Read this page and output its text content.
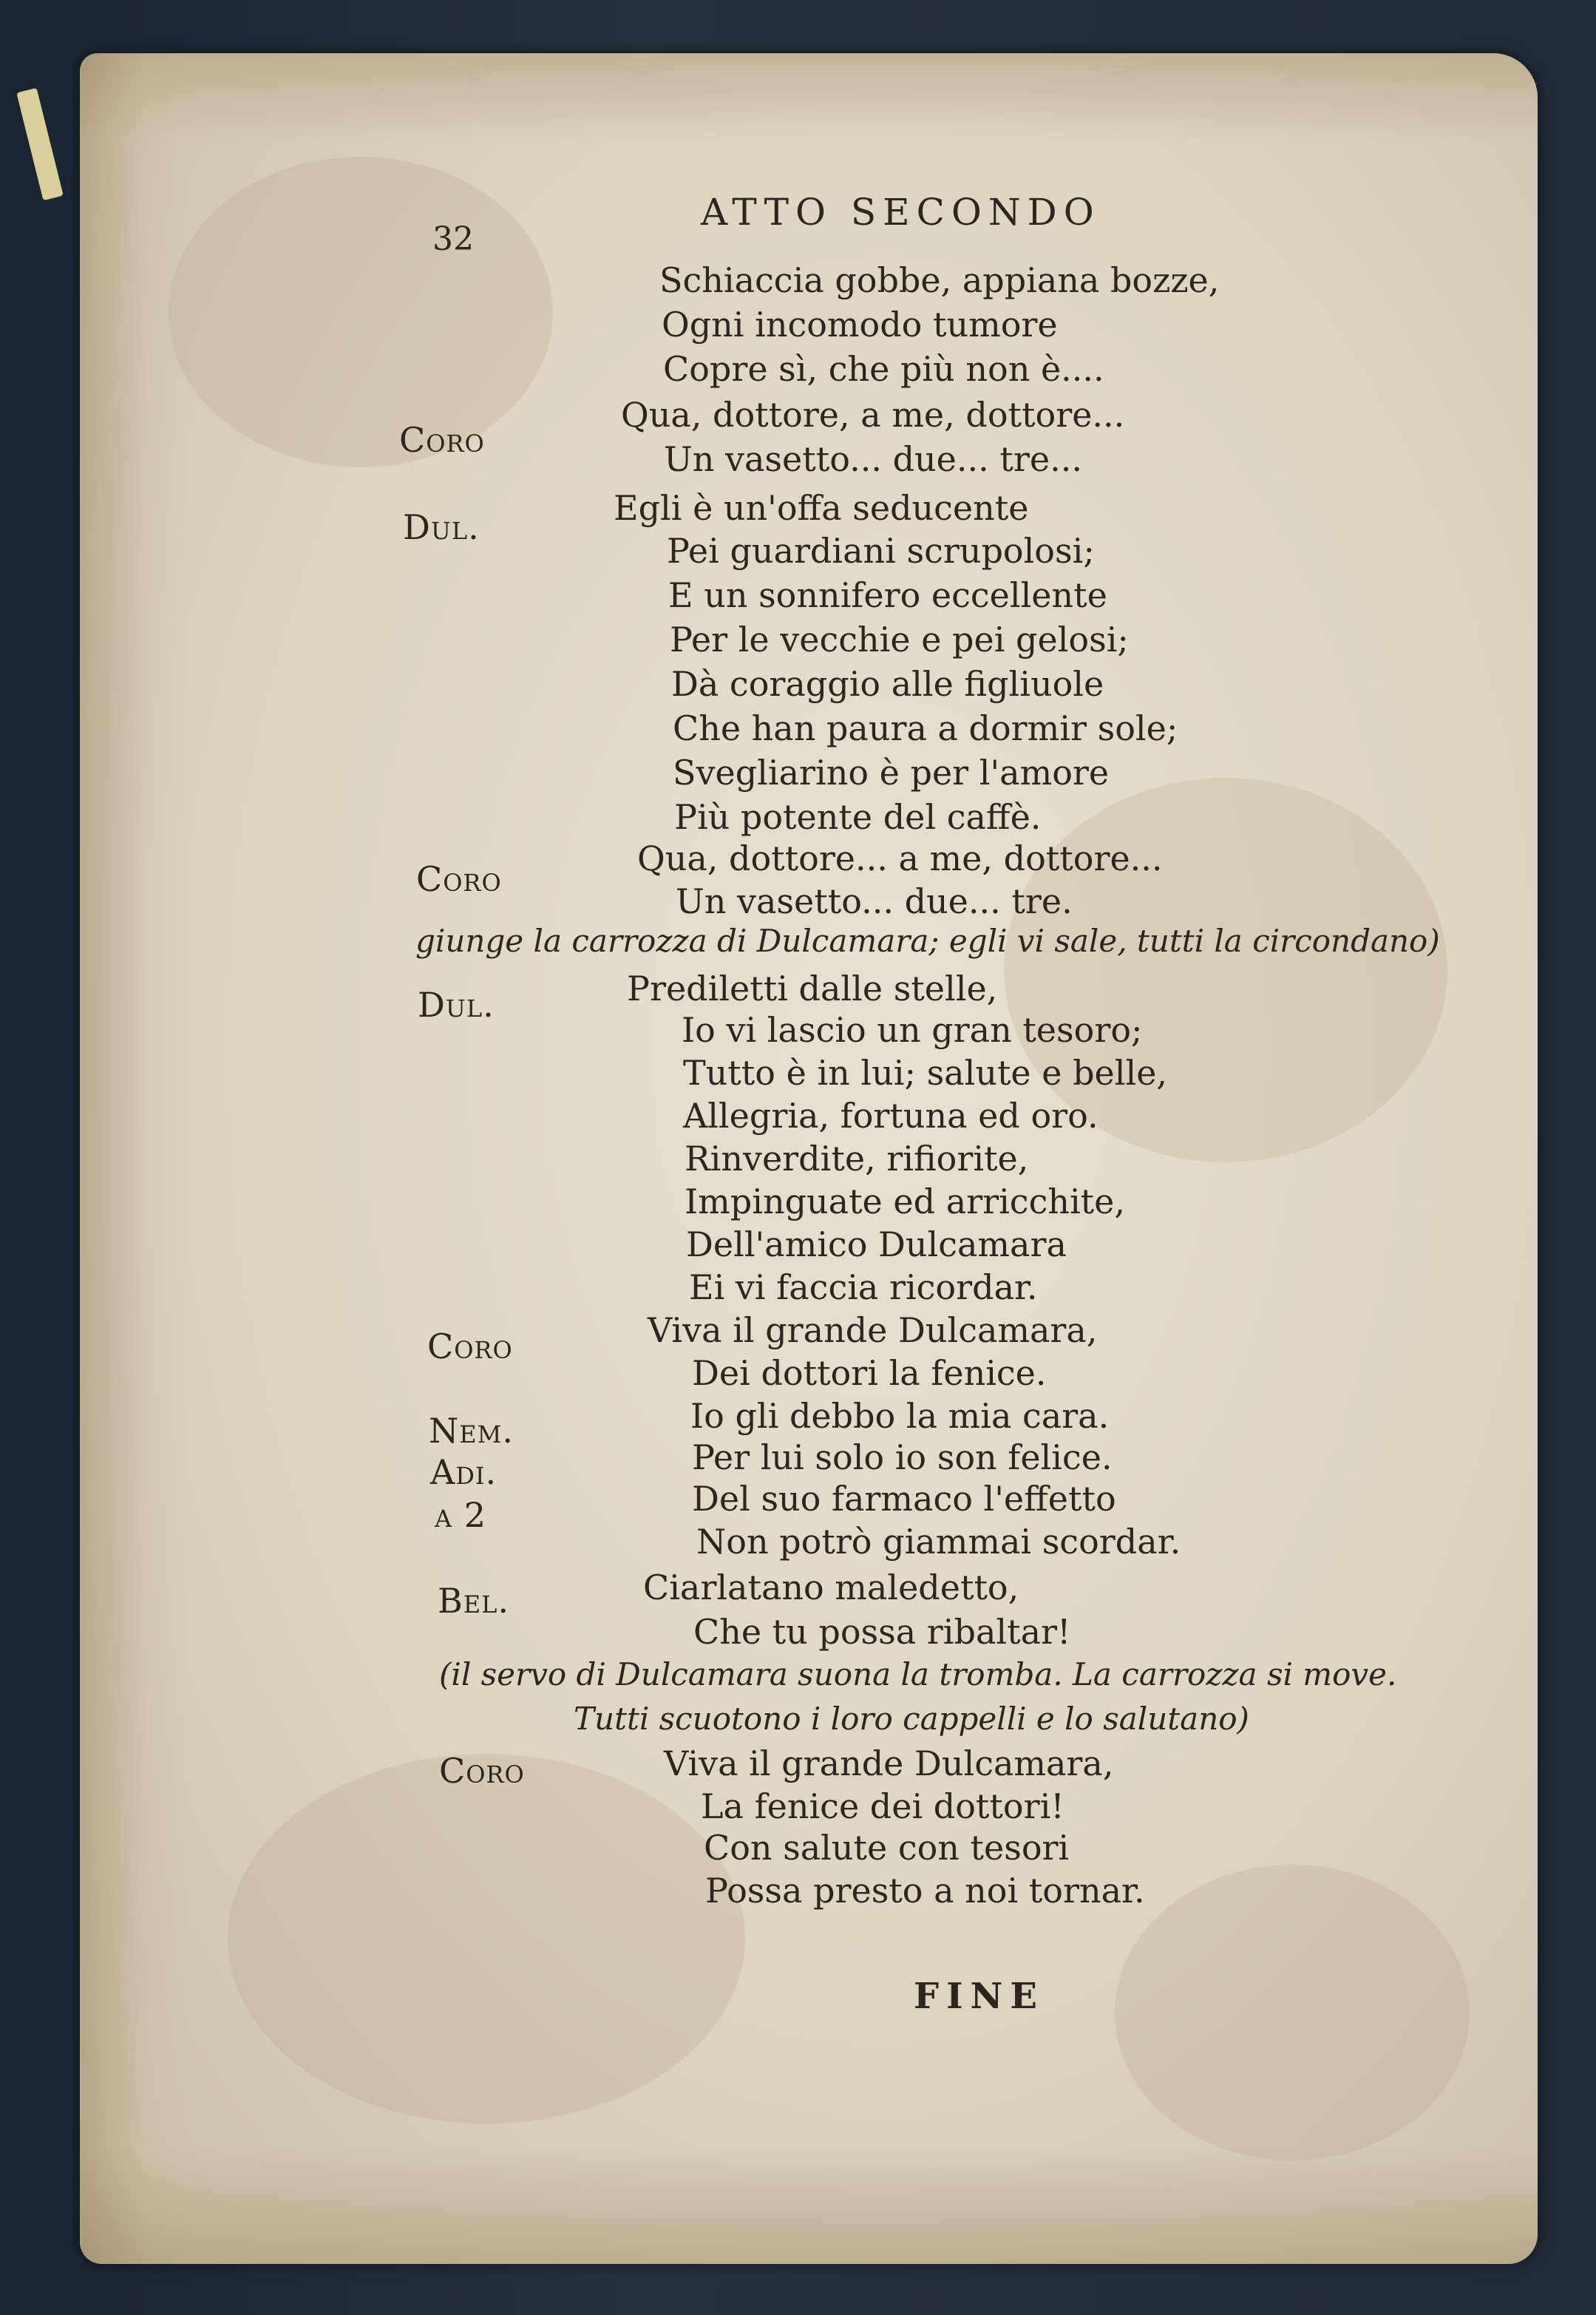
32
ATTO SECONDO
Schiaccia gobbe, appiana bozze,
Ogni incomodo tumore
Copre sì, che più non è....
Coro
Qua, dottore, a me, dottore...
Un vasetto... due... tre...
Dul.	Egli è un'offa seducente
Pei guardiani scrupolosi;
E un sonnifero eccellente
Per le vecchie e pei gelosi;
Dà coraggio alle figliuole
Che han paura a dormir sole;
Svegliarino è per l'amore
Più potente del caffè.
Coro
Qua, dottore... a me, dottore...
Un vasetto... due... tre.
giunge la carrozza di Dulcamara; egli vi sale, tutti la circondano)
Dul.	Prediletti dalle stelle,
Io vi lascio un gran tesoro;
Tutto è in lui; salute e belle,
Allegria, fortuna ed oro.
Rinverdite, rifiorite,
Impinguate ed arricchite,
Dell'amico Dulcamara
Ei vi faccia ricordar.
Coro	Viva il grande Dulcamara,
Dei dottori la fenice.
Nem.	Io gli debbo la mia cara.
Adi.	Per lui solo io son felice.
a 2	Del suo farmaco l'effetto
Non potrò giammai scordar.
Bel.	Ciarlatano maledetto,
Che tu possa ribaltar!
(il servo di Dulcamara suona la tromba. La carrozza si move.
Tutti scuotono i loro cappelli e lo salutano)
Coro	Viva il grande Dulcamara,
La fenice dei dottori!
Con salute con tesori
Possa presto a noi tornar.
FINE
